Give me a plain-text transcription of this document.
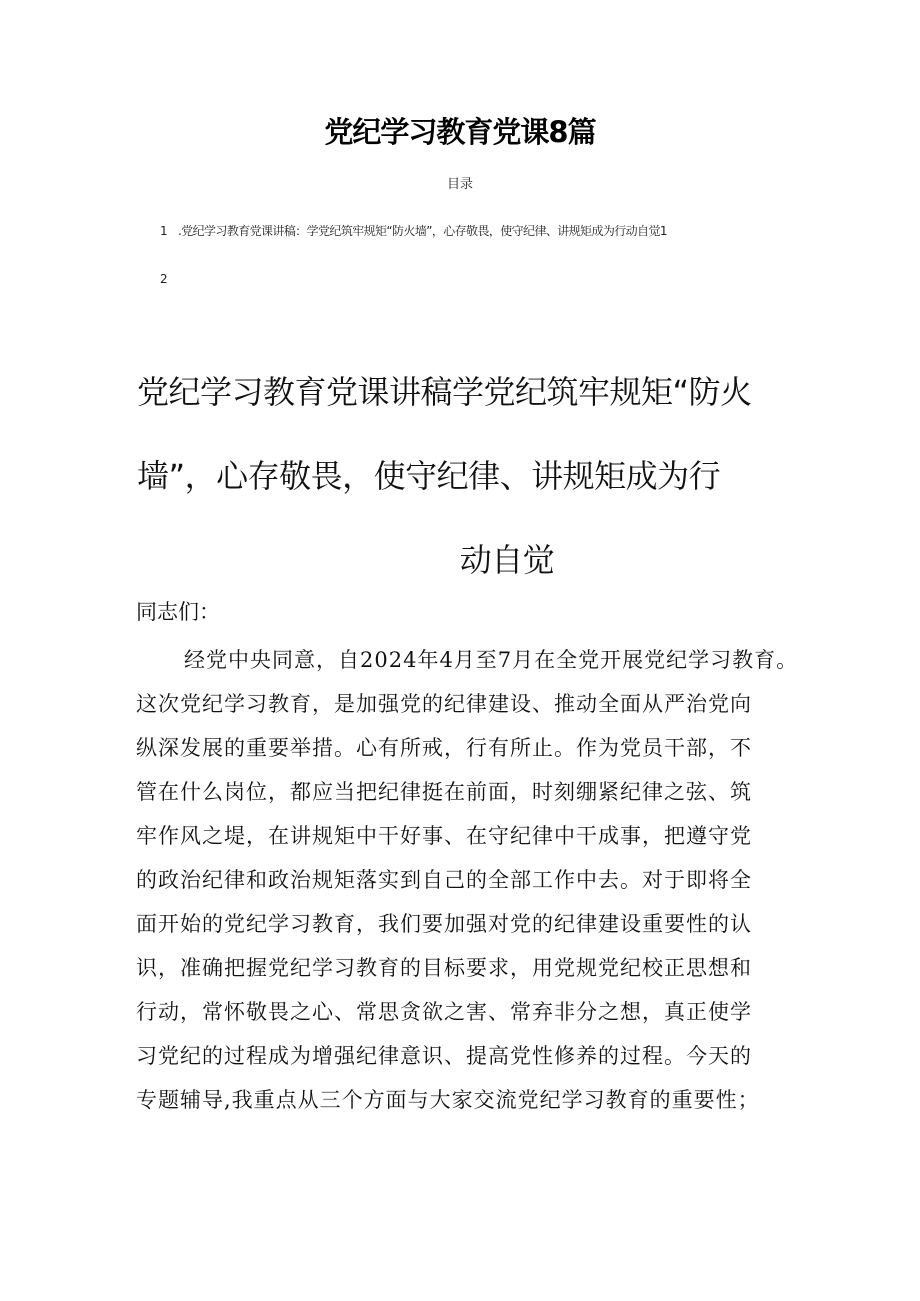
党纪学习教育党课8篇
目录
1 .党纪学习教育党课讲稿：学党纪筑牢规矩“防火墙”，心存敬畏，使守纪律、讲规矩成为行动自觉1
2
党纪学习教育党课讲稿学党纪筑牢规矩“防火
墙”，心存敬畏，使守纪律、讲规矩成为行
动自觉
同志们：
经党中央同意，自2024年4月至7月在全党开展党纪学习教育。
这次党纪学习教育，是加强党的纪律建设、推动全面从严治党向
纵深发展的重要举措。心有所戒，行有所止。作为党员干部，不
管在什么岗位，都应当把纪律挺在前面，时刻绷紧纪律之弦、筑
牢作风之堤，在讲规矩中干好事、在守纪律中干成事，把遵守党
的政治纪律和政治规矩落实到自己的全部工作中去。对于即将全
面开始的党纪学习教育，我们要加强对党的纪律建设重要性的认
识，准确把握党纪学习教育的目标要求，用党规党纪校正思想和
行动，常怀敬畏之心、常思贪欲之害、常弃非分之想，真正使学
习党纪的过程成为增强纪律意识、提高党性修养的过程。今天的
专题辅导,我重点从三个方面与大家交流党纪学习教育的重要性；
